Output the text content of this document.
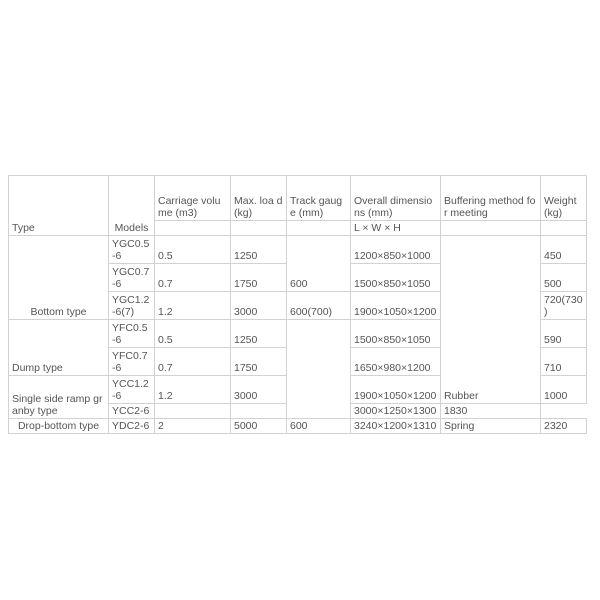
Type	Models	Carriage volu me (m3)	Max. loa d (kg)	Track gaug e (mm)	Overall dimensio ns (mm)	Buffering method fo r meeting	Weight (kg)
					L × W × H		
Bottom type	YGC0.5 -6	0.5	1250	600	1200×850×1000	Rubber	450
	YGC0.7 -6	0.7	1750		1500×850×1050		500
	YGC1.2 -6(7)	1.2	3000	600(700)	1900×1050×1200		720(730 )
Dump type	YFC0.5 -6	0.5	1250		1500×850×1050		590
	YFC0.7 -6	0.7	1750		1650×980×1200		710
Single side ramp gr anby type	YCC1.2 -6	1.2	3000		1900×1050×1200		1000
	YCC2-6				3000×1250×1300	1830	
Drop-bottom type	YDC2-6	2	5000	600	3240×1200×1310	Spring	2320
